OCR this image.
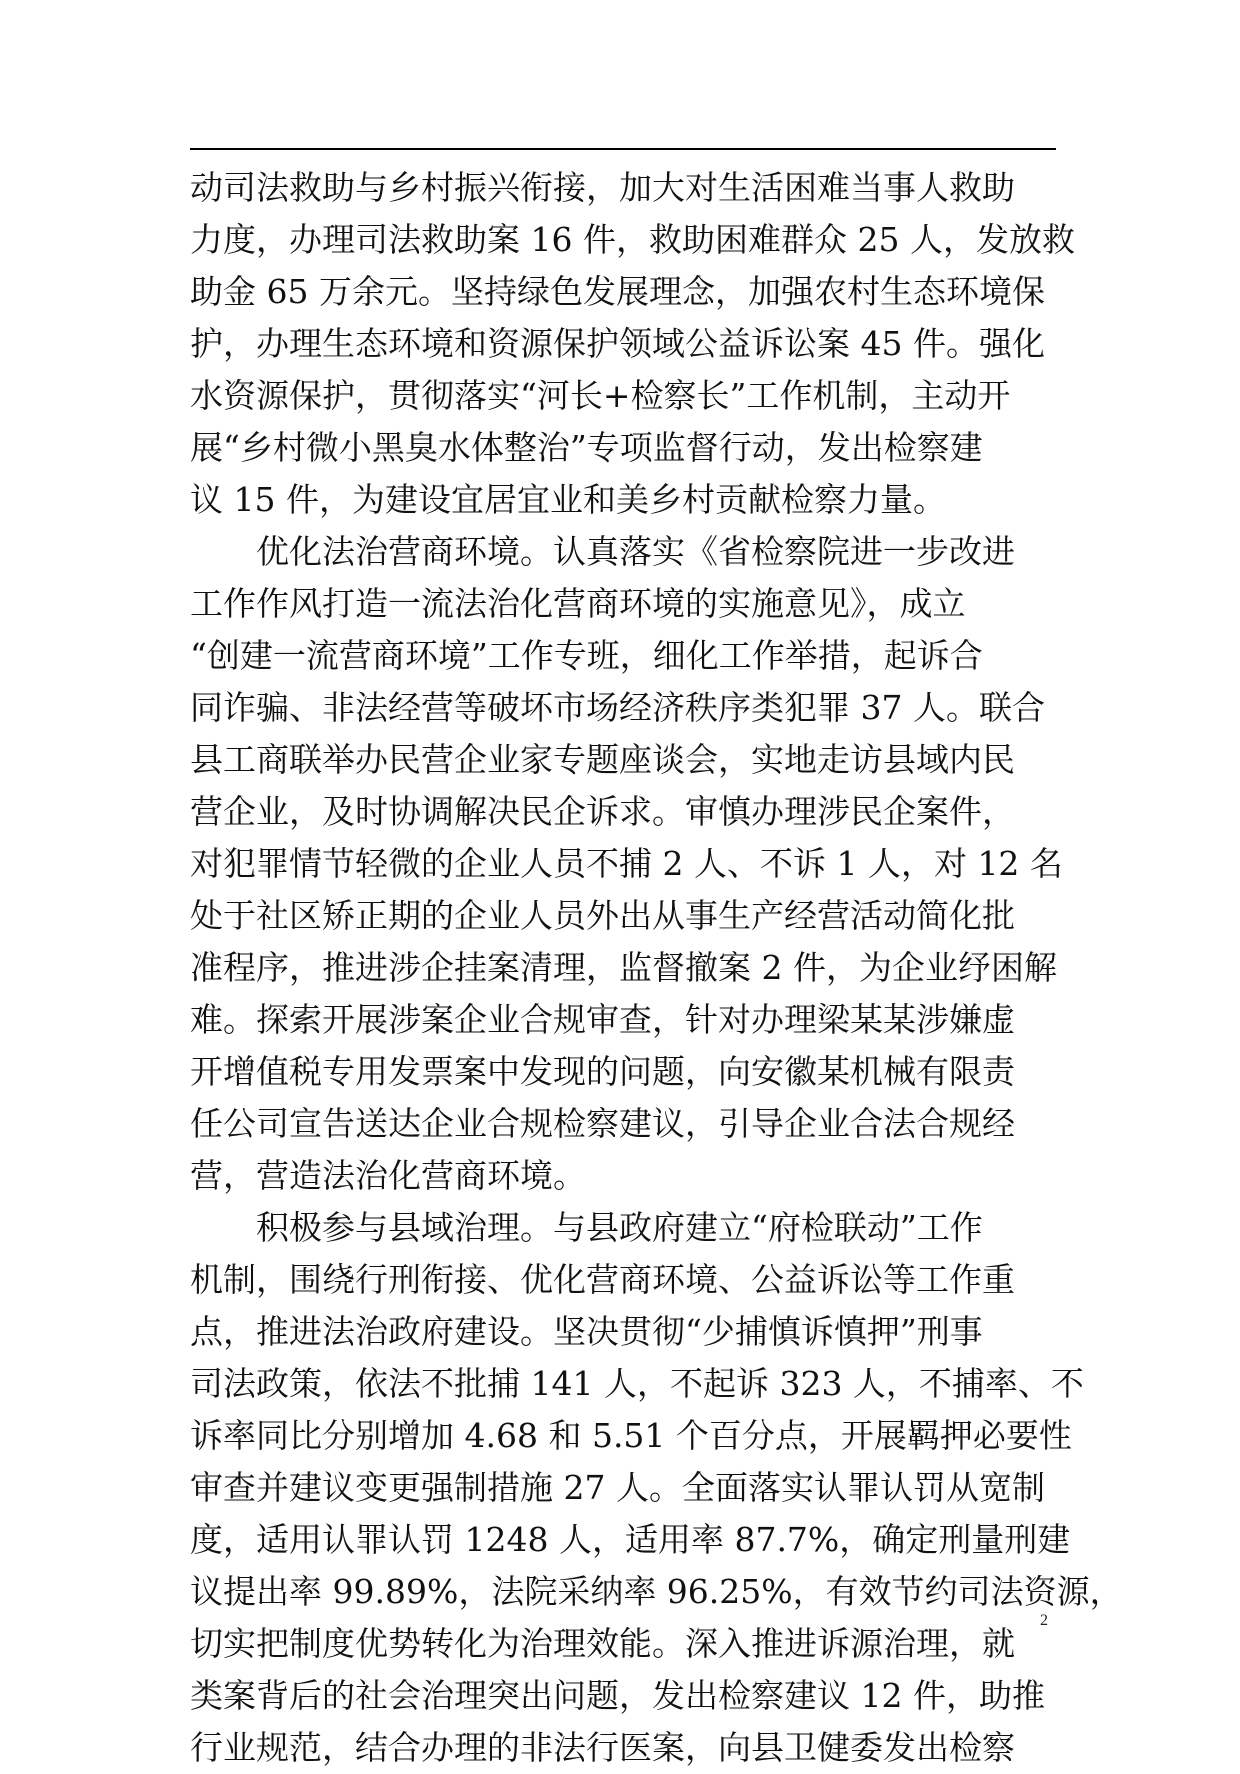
动司法救助与乡村振兴衔接，加大对生活困难当事人救助
力度，办理司法救助案 16 件，救助困难群众 25 人，发放救
助金 65 万余元。坚持绿色发展理念，加强农村生态环境保
护，办理生态环境和资源保护领域公益诉讼案 45 件。强化
水资源保护，贯彻落实“河长+检察长”工作机制，主动开
展“乡村微小黑臭水体整治”专项监督行动，发出检察建
议 15 件，为建设宜居宜业和美乡村贡献检察力量。
　　优化法治营商环境。认真落实《省检察院进一步改进
工作作风打造一流法治化营商环境的实施意见》，成立
“创建一流营商环境”工作专班，细化工作举措，起诉合
同诈骗、非法经营等破坏市场经济秩序类犯罪 37 人。联合
县工商联举办民营企业家专题座谈会，实地走访县域内民
营企业，及时协调解决民企诉求。审慎办理涉民企案件，
对犯罪情节轻微的企业人员不捕 2 人、不诉 1 人，对 12 名
处于社区矫正期的企业人员外出从事生产经营活动简化批
准程序，推进涉企挂案清理，监督撤案 2 件，为企业纾困解
难。探索开展涉案企业合规审查，针对办理梁某某涉嫌虚
开增值税专用发票案中发现的问题，向安徽某机械有限责
任公司宣告送达企业合规检察建议，引导企业合法合规经
营，营造法治化营商环境。
　　积极参与县域治理。与县政府建立“府检联动”工作
机制，围绕行刑衔接、优化营商环境、公益诉讼等工作重
点，推进法治政府建设。坚决贯彻“少捕慎诉慎押”刑事
司法政策，依法不批捕 141 人，不起诉 323 人，不捕率、不
诉率同比分别增加 4.68 和 5.51 个百分点，开展羁押必要性
审查并建议变更强制措施 27 人。全面落实认罪认罚从宽制
度，适用认罪认罚 1248 人，适用率 87.7%，确定刑量刑建
议提出率 99.89%，法院采纳率 96.25%，有效节约司法资源，
切实把制度优势转化为治理效能。深入推进诉源治理，就
类案背后的社会治理突出问题，发出检察建议 12 件，助推
行业规范，结合办理的非法行医案，向县卫健委发出检察
2
